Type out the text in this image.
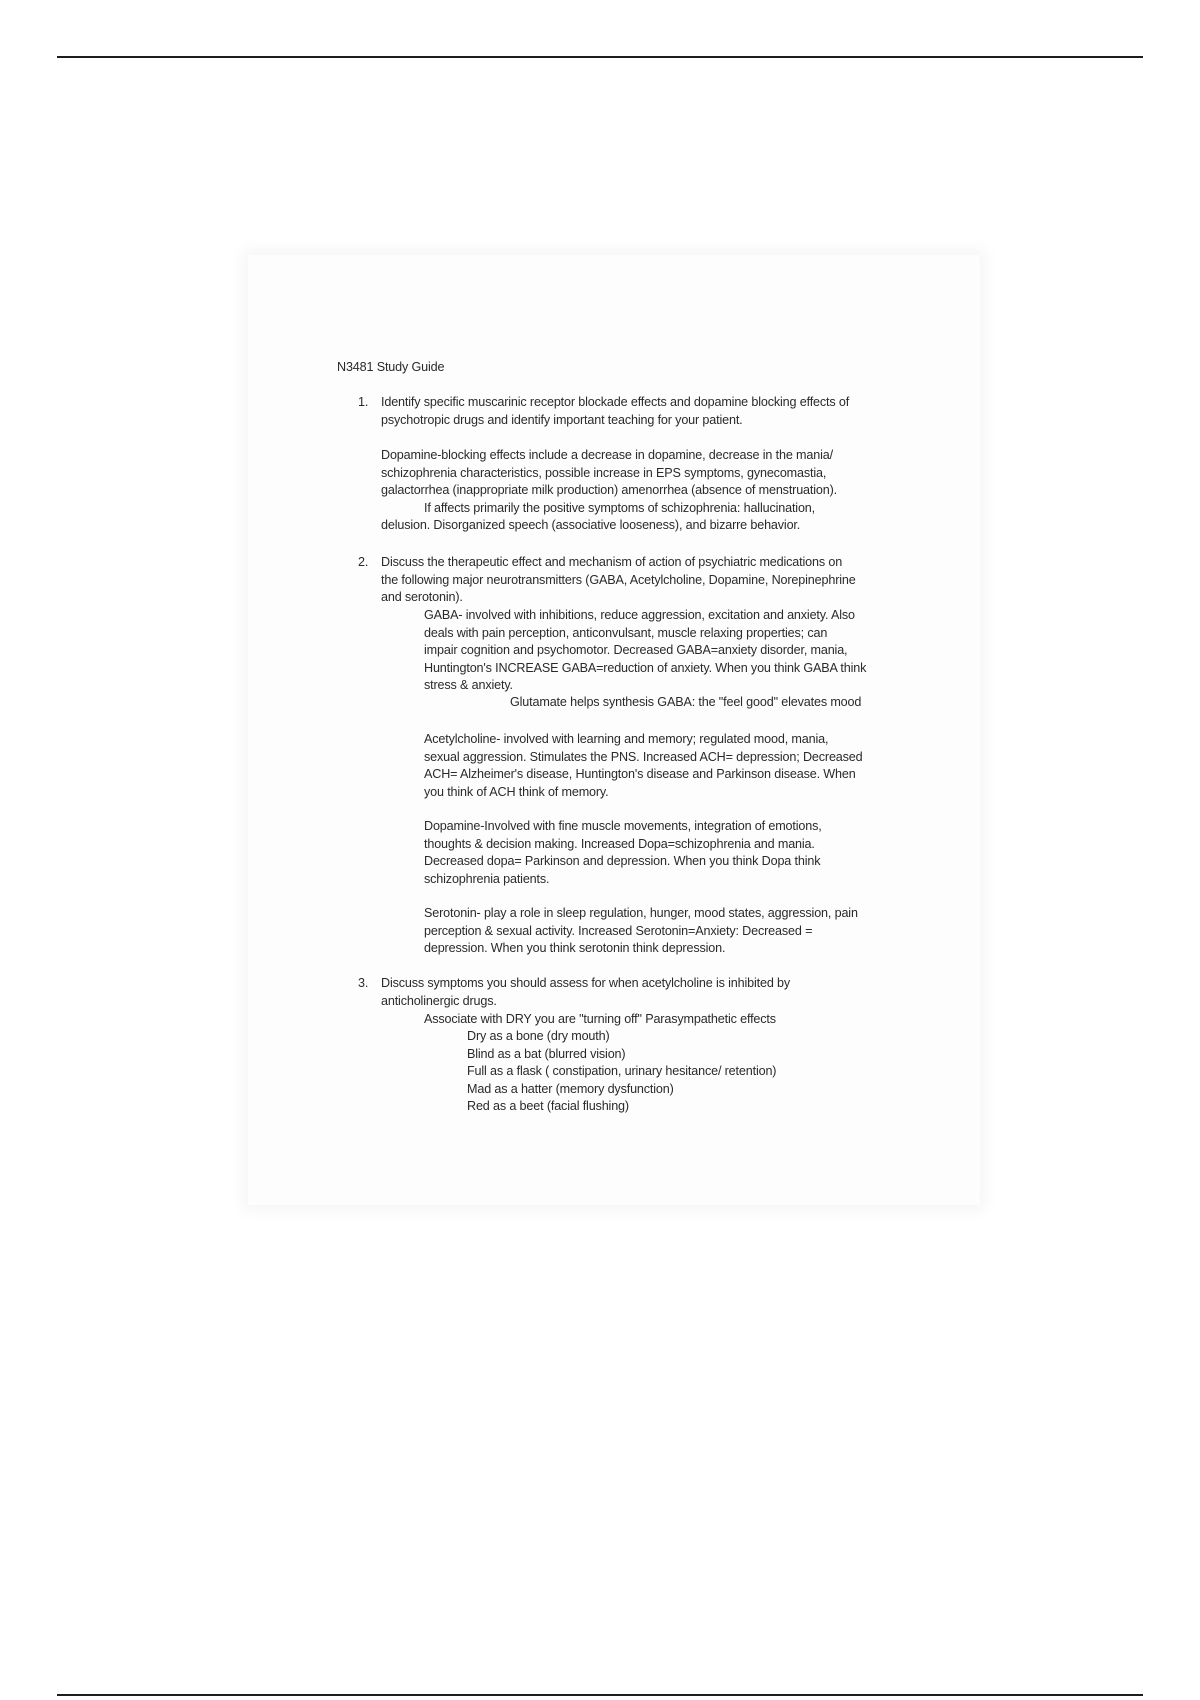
N3481 Study Guide
1. Identify specific muscarinic receptor blockade effects and dopamine blocking effects of
psychotropic drugs and identify important teaching for your patient.
Dopamine-blocking effects include a decrease in dopamine, decrease in the mania/
schizophrenia characteristics, possible increase in EPS symptoms, gynecomastia,
galactorrhea (inappropriate milk production) amenorrhea (absence of menstruation).
If affects primarily the positive symptoms of schizophrenia: hallucination,
delusion. Disorganized speech (associative looseness), and bizarre behavior.
2. Discuss the therapeutic effect and mechanism of action of psychiatric medications on
the following major neurotransmitters (GABA, Acetylcholine, Dopamine, Norepinephrine
and serotonin).
GABA- involved with inhibitions, reduce aggression, excitation and anxiety. Also
deals with pain perception, anticonvulsant, muscle relaxing properties; can
impair cognition and psychomotor. Decreased GABA=anxiety disorder, mania,
Huntington's INCREASE GABA=reduction of anxiety. When you think GABA think
stress & anxiety.
Glutamate helps synthesis GABA: the "feel good" elevates mood
Acetylcholine- involved with learning and memory; regulated mood, mania,
sexual aggression. Stimulates the PNS. Increased ACH= depression; Decreased
ACH= Alzheimer's disease, Huntington's disease and Parkinson disease. When
you think of ACH think of memory.
Dopamine-Involved with fine muscle movements, integration of emotions,
thoughts & decision making. Increased Dopa=schizophrenia and mania.
Decreased dopa= Parkinson and depression. When you think Dopa think
schizophrenia patients.
Serotonin- play a role in sleep regulation, hunger, mood states, aggression, pain
perception & sexual activity. Increased Serotonin=Anxiety: Decreased =
depression. When you think serotonin think depression.
3. Discuss symptoms you should assess for when acetylcholine is inhibited by
anticholinergic drugs.
Associate with DRY you are "turning off" Parasympathetic effects
Dry as a bone (dry mouth)
Blind as a bat (blurred vision)
Full as a flask ( constipation, urinary hesitance/ retention)
Mad as a hatter (memory dysfunction)
Red as a beet (facial flushing)
